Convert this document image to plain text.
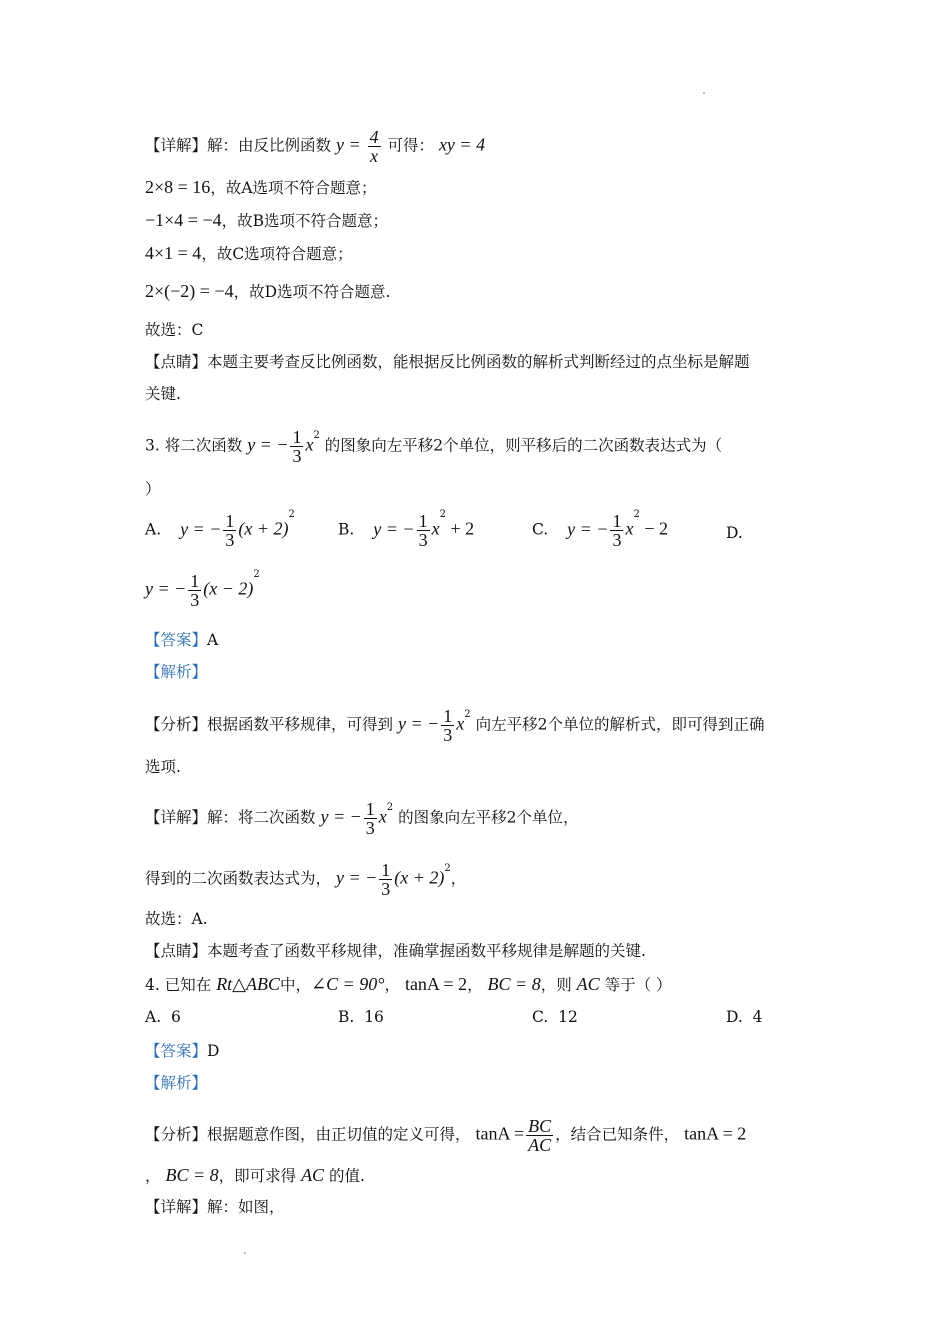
【详解】解：由反比例函数 $y = \frac{4}{x}$ 可得： xy = 4
2×8 = 16，故A选项不符合题意；
−1×4 = −4，故B选项不符合题意；
4×1 = 4，故C选项符合题意；
2×(−2) = −4，故D选项不符合题意.
故选：C
【点睛】本题主要考查反比例函数，能根据反比例函数的解析式判断经过的点坐标是解题
关键.
3. 将二次函数 y = − $\frac{1}{3} x^2$ 的图象向左平移2个单位，则平移后的二次函数表达式为（
）
A. y = − $\frac{1}{3} (x + 2)^2$
B. y = − $\frac{1}{3} x^2 + 2$	C. y = − $\frac{1}{3} x^2 - 2$	D.
y = − $\frac{1}{3} (x - 2)^2$
【答案】A
【解析】
【分析】根据函数平移规律，可得到 y = − $\frac{1}{3} x^2$ 向左平移2个单位的解析式，即可得到正确
选项.
【详解】解：将二次函数 y = − $\frac{1}{3} x^2$ 的图象向左平移2个单位，
得到的二次函数表达式为， y = − $\frac{1}{3} (x + 2)^2$，
故选：A.
【点睛】本题考查了函数平移规律，准确掌握函数平移规律是解题的关键.
4. 已知在 Rt△ABC中，∠C = 90°， tanA = 2， BC = 8，则 AC 等于（ ）
A. 6	B. 16	C. 12	D. 4
【答案】D
【解析】
【分析】根据题意作图，由正切值的定义可得， $\tan A = \frac{BC}{AC}$ ，结合已知条件， tanA = 2
， BC = 8，即可求得 AC 的值.
【详解】解：如图，
